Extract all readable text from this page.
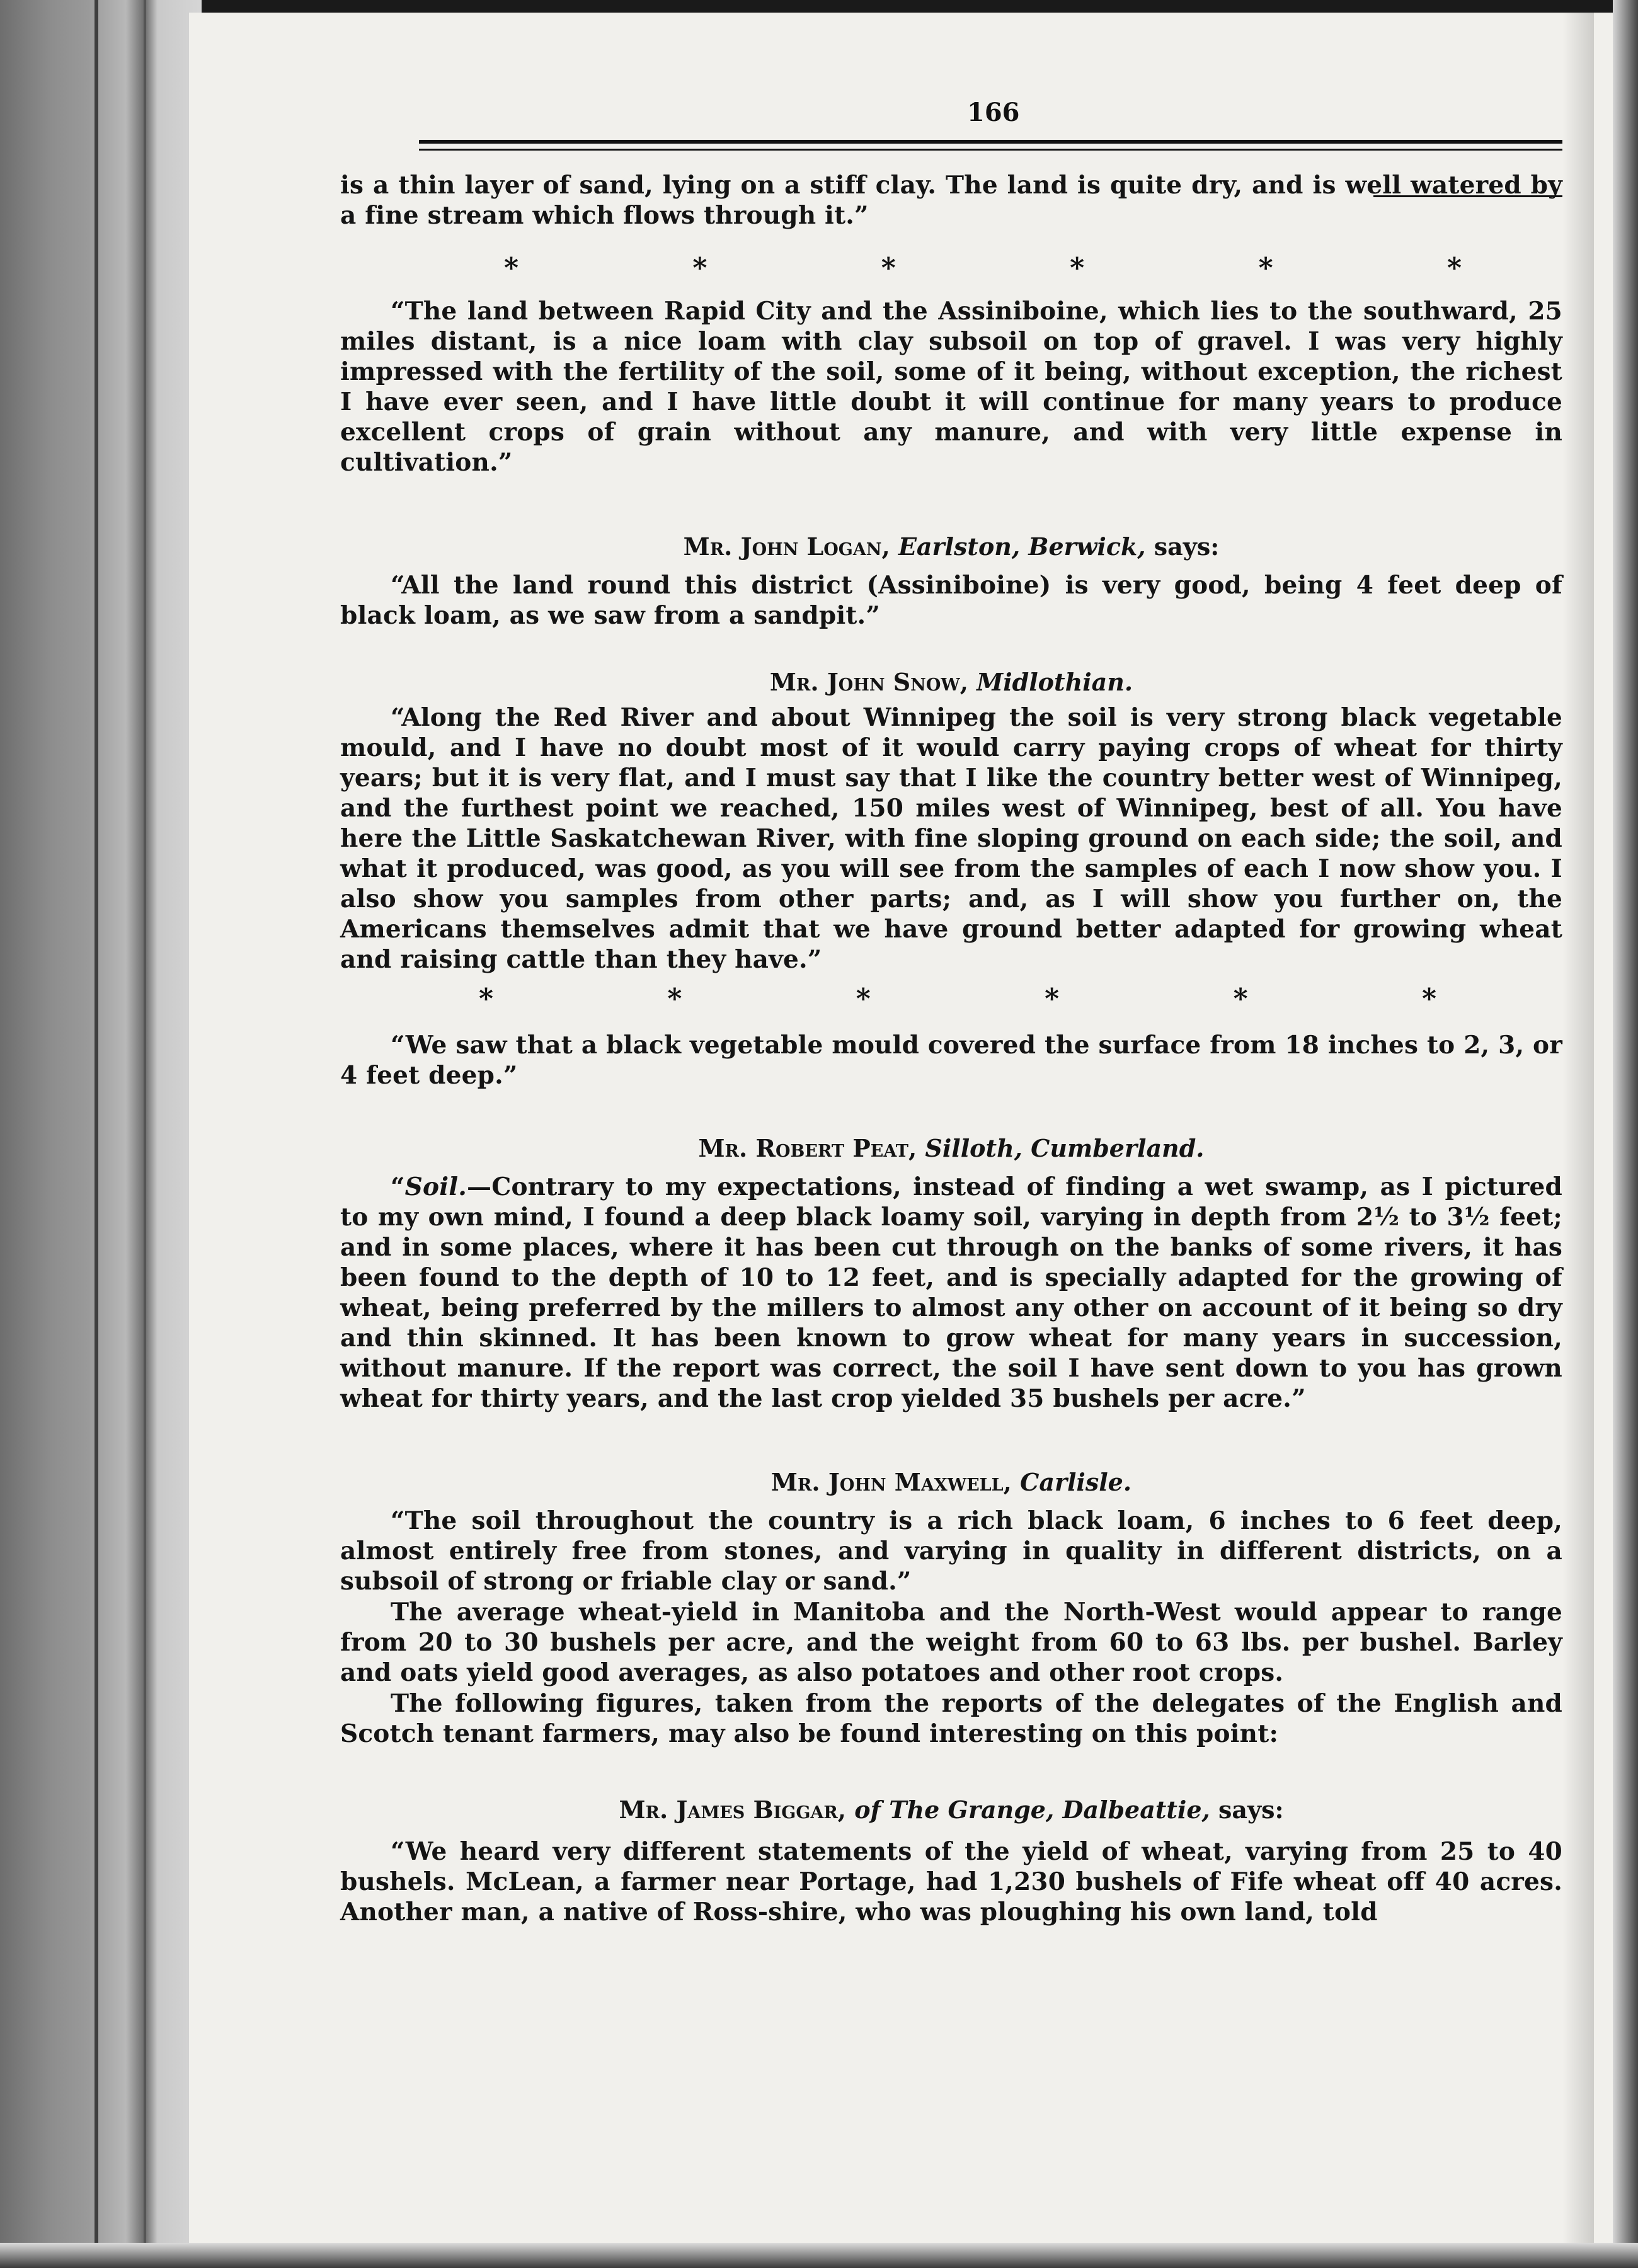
166

is a thin layer of sand, lying on a stiff clay. The land is quite dry, and is well watered by a fine stream which flows through it.”

*	*	*	*	*	*

“The land between Rapid City and the Assiniboine, which lies to the southward, 25 miles distant, is a nice loam with clay subsoil on top of gravel. I was very highly impressed with the fertility of the soil, some of it being, without exception, the richest I have ever seen, and I have little doubt it will continue for many years to produce excellent crops of grain without any manure, and with very little expense in cultivation.”

Mr. John Logan, Earlston, Berwick, says:

“All the land round this district (Assiniboine) is very good, being 4 feet deep of black loam, as we saw from a sandpit.”

Mr. John Snow, Midlothian.

“Along the Red River and about Winnipeg the soil is very strong black vegetable mould, and I have no doubt most of it would carry paying crops of wheat for thirty years; but it is very flat, and I must say that I like the country better west of Winnipeg, and the furthest point we reached, 150 miles west of Winnipeg, best of all. You have here the Little Saskatchewan River, with fine sloping ground on each side; the soil, and what it produced, was good, as you will see from the samples of each I now show you. I also show you samples from other parts; and, as I will show you further on, the Americans themselves admit that we have ground better adapted for growing wheat and raising cattle than they have.”

*	*	*	*	*	*

“We saw that a black vegetable mould covered the surface from 18 inches to 2, 3, or 4 feet deep.”

Mr. Robert Peat, Silloth, Cumberland.

“Soil.—Contrary to my expectations, instead of finding a wet swamp, as I pictured to my own mind, I found a deep black loamy soil, varying in depth from 2½ to 3½ feet; and in some places, where it has been cut through on the banks of some rivers, it has been found to the depth of 10 to 12 feet, and is specially adapted for the growing of wheat, being preferred by the millers to almost any other on account of it being so dry and thin skinned. It has been known to grow wheat for many years in succession, without manure. If the report was correct, the soil I have sent down to you has grown wheat for thirty years, and the last crop yielded 35 bushels per acre.”

Mr. John Maxwell, Carlisle.

“The soil throughout the country is a rich black loam, 6 inches to 6 feet deep, almost entirely free from stones, and varying in quality in different districts, on a subsoil of strong or friable clay or sand.”

The average wheat-yield in Manitoba and the North-West would appear to range from 20 to 30 bushels per acre, and the weight from 60 to 63 lbs. per bushel. Barley and oats yield good averages, as also potatoes and other root crops.

The following figures, taken from the reports of the delegates of the English and Scotch tenant farmers, may also be found interesting on this point:

Mr. James Biggar, of The Grange, Dalbeattie, says:

“We heard very different statements of the yield of wheat, varying from 25 to 40 bushels. McLean, a farmer near Portage, had 1,230 bushels of Fife wheat off 40 acres. Another man, a native of Ross-shire, who was ploughing his own land, told
